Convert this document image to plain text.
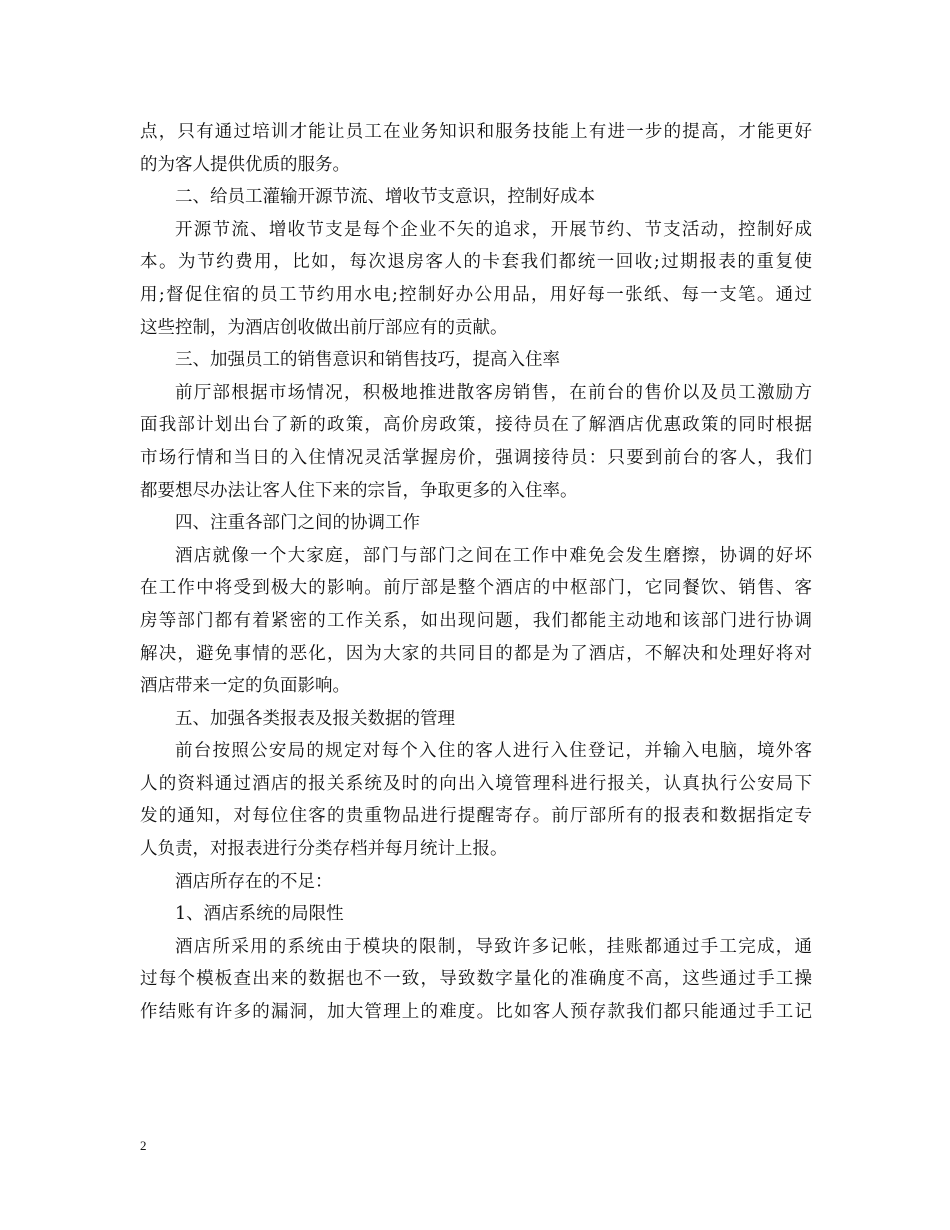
点，只有通过培训才能让员工在业务知识和服务技能上有进一步的提高，才能更好
的为客人提供优质的服务。
二、给员工灌输开源节流、增收节支意识，控制好成本
开源节流、增收节支是每个企业不矢的追求，开展节约、节支活动，控制好成
本。为节约费用，比如，每次退房客人的卡套我们都统一回收;过期报表的重复使
用;督促住宿的员工节约用水电;控制好办公用品，用好每一张纸、每一支笔。通过
这些控制，为酒店创收做出前厅部应有的贡献。
三、加强员工的销售意识和销售技巧，提高入住率
前厅部根据市场情况，积极地推进散客房销售，在前台的售价以及员工激励方
面我部计划出台了新的政策，高价房政策，接待员在了解酒店优惠政策的同时根据
市场行情和当日的入住情况灵活掌握房价，强调接待员：只要到前台的客人，我们
都要想尽办法让客人住下来的宗旨，争取更多的入住率。
四、注重各部门之间的协调工作
酒店就像一个大家庭，部门与部门之间在工作中难免会发生磨擦，协调的好坏
在工作中将受到极大的影响。前厅部是整个酒店的中枢部门，它同餐饮、销售、客
房等部门都有着紧密的工作关系，如出现问题，我们都能主动地和该部门进行协调
解决，避免事情的恶化，因为大家的共同目的都是为了酒店，不解决和处理好将对
酒店带来一定的负面影响。
五、加强各类报表及报关数据的管理
前台按照公安局的规定对每个入住的客人进行入住登记，并输入电脑，境外客
人的资料通过酒店的报关系统及时的向出入境管理科进行报关，认真执行公安局下
发的通知，对每位住客的贵重物品进行提醒寄存。前厅部所有的报表和数据指定专
人负责，对报表进行分类存档并每月统计上报。
酒店所存在的不足：
1、酒店系统的局限性
酒店所采用的系统由于模块的限制，导致许多记帐，挂账都通过手工完成，通
过每个模板查出来的数据也不一致，导致数字量化的准确度不高，这些通过手工操
作结账有许多的漏洞，加大管理上的难度。比如客人预存款我们都只能通过手工记
2
